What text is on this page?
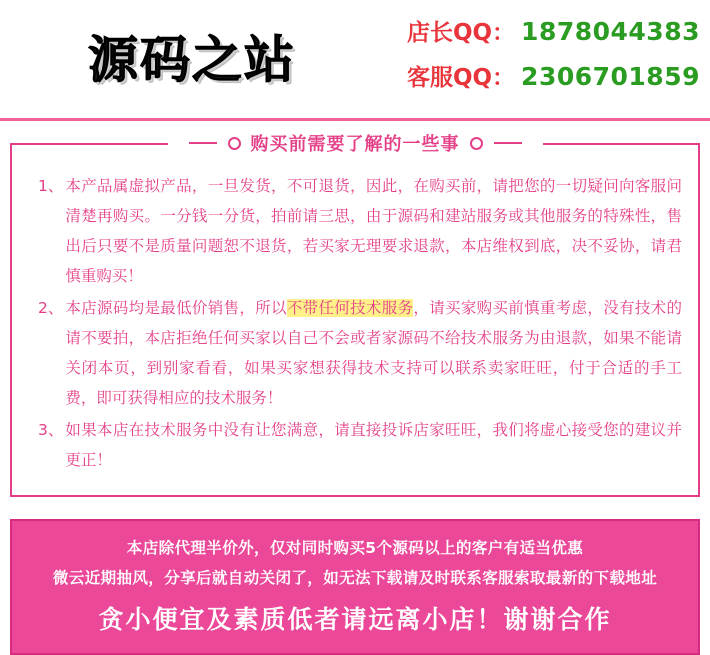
源码之站	店长QQ： 1878044383
客服QQ： 2306701859
购买前需要了解的一些事
1、 本产品属虚拟产品，一旦发货，不可退货，因此，在购买前，请把您的一切疑问向客服问清楚再购买。一分钱一分货，拍前请三思，由于源码和建站服务或其他服务的特殊性，售出后只要不是质量问题恕不退货，若买家无理要求退款，本店维权到底，决不妥协，请君慎重购买！
2、 本店源码均是最低价销售，所以不带任何技术服务，请买家购买前慎重考虑，没有技术的请不要拍，本店拒绝任何买家以自己不会或者家源码不给技术服务为由退款，如果不能请关闭本页，到别家看看，如果买家想获得技术支持可以联系卖家旺旺，付于合适的手工费，即可获得相应的技术服务！
3、 如果本店在技术服务中没有让您满意，请直接投诉店家旺旺，我们将虚心接受您的建议并更正！
本店除代理半价外，仅对同时购买5个源码以上的客户有适当优惠
微云近期抽风，分享后就自动关闭了，如无法下载请及时联系客服索取最新的下载地址
贪小便宜及素质低者请远离小店！谢谢合作
